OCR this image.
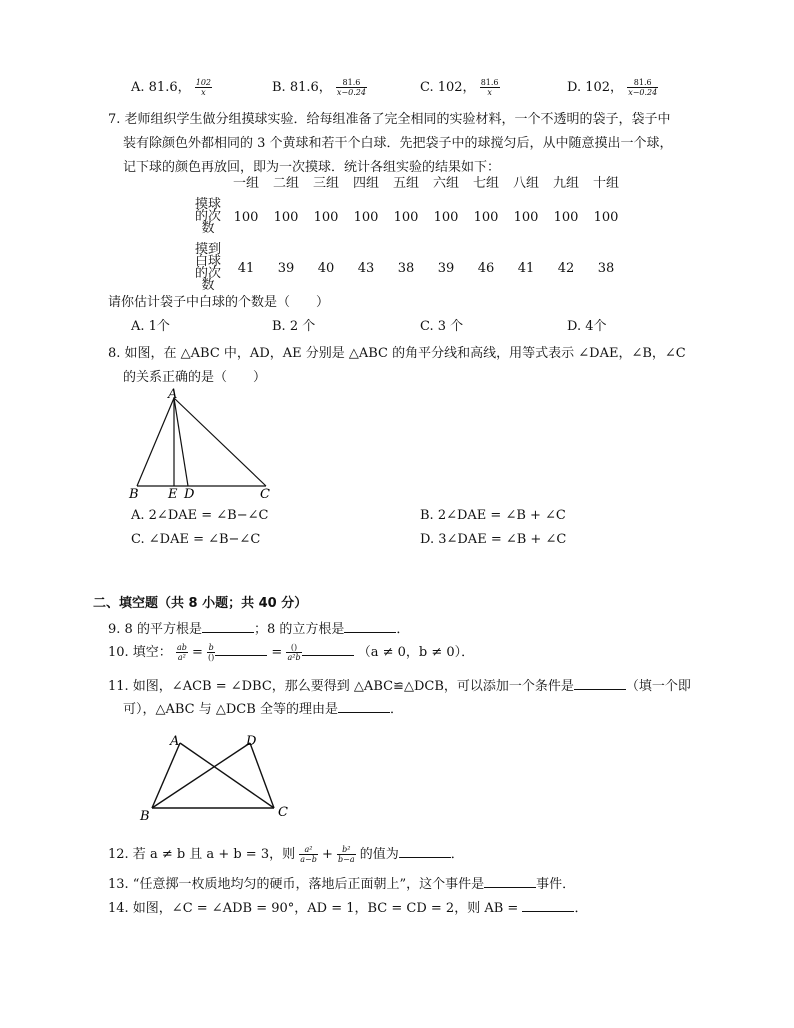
A. 81.6， $\frac{102}{x}$	B. 81.6， $\frac{81.6}{x-0.24}$	C. 102， $\frac{81.6}{x}$	D. 102， $\frac{81.6}{x-0.24}$
7. 老师组织学生做分组摸球实验．给每组准备了完全相同的实验材料，一个不透明的袋子，袋子中
装有除颜色外都相同的 3 个黄球和若干个白球．先把袋子中的球搅匀后，从中随意摸出一个球，
记下球的颜色再放回，即为一次摸球．统计各组实验的结果如下：
	一组	二组	三组	四组	五组	六组	七组	八组	九组	十组

摸球
的次
数	100	100	100	100	100	100	100	100	100	100

摸到
白球
的次
数	41	39	40	43	38	39	46	41	42	38
请你估计袋子中白球的个数是（　　）
A. 1个	B. 2 个	C. 3 个	D. 4个
8. 如图，在 △ABC 中，AD，AE 分别是 △ABC 的角平分线和高线，用等式表示 ∠DAE，∠B，∠C
的关系正确的是（　　）
A
B E D	C
A. 2∠DAE = ∠B−∠C	B. 2∠DAE = ∠B + ∠C
C. ∠DAE = ∠B−∠C	D. 3∠DAE = ∠B + ∠C
二、填空题（共 8 小题；共 40 分）
9. 8 的平方根是	；8 的立方根是	．
10. 填空： $\frac{ab}{\text{a²}} = \frac{b}{()}$	= $\frac{()}{\text{a²b}}$	（a ≠ 0，b ≠ 0）．
11. 如图，∠ACB = ∠DBC，那么要得到 △ABC≌△DCB，可以添加一个条件是	（填一个即
可），△ABC 与 △DCB 全等的理由是	．
A	D
B	C
12. 若 a ≠ b 且 a + b = 3，则 $\frac{\text{a²}}{a-b} + \frac{\text{b²}}{b-a}$ 的值为	．
13. “任意掷一枚质地均匀的硬币，落地后正面朝上”，这个事件是	事件．
14. 如图，∠C = ∠ADB = 90°，AD = 1，BC = CD = 2，则 AB =	．
